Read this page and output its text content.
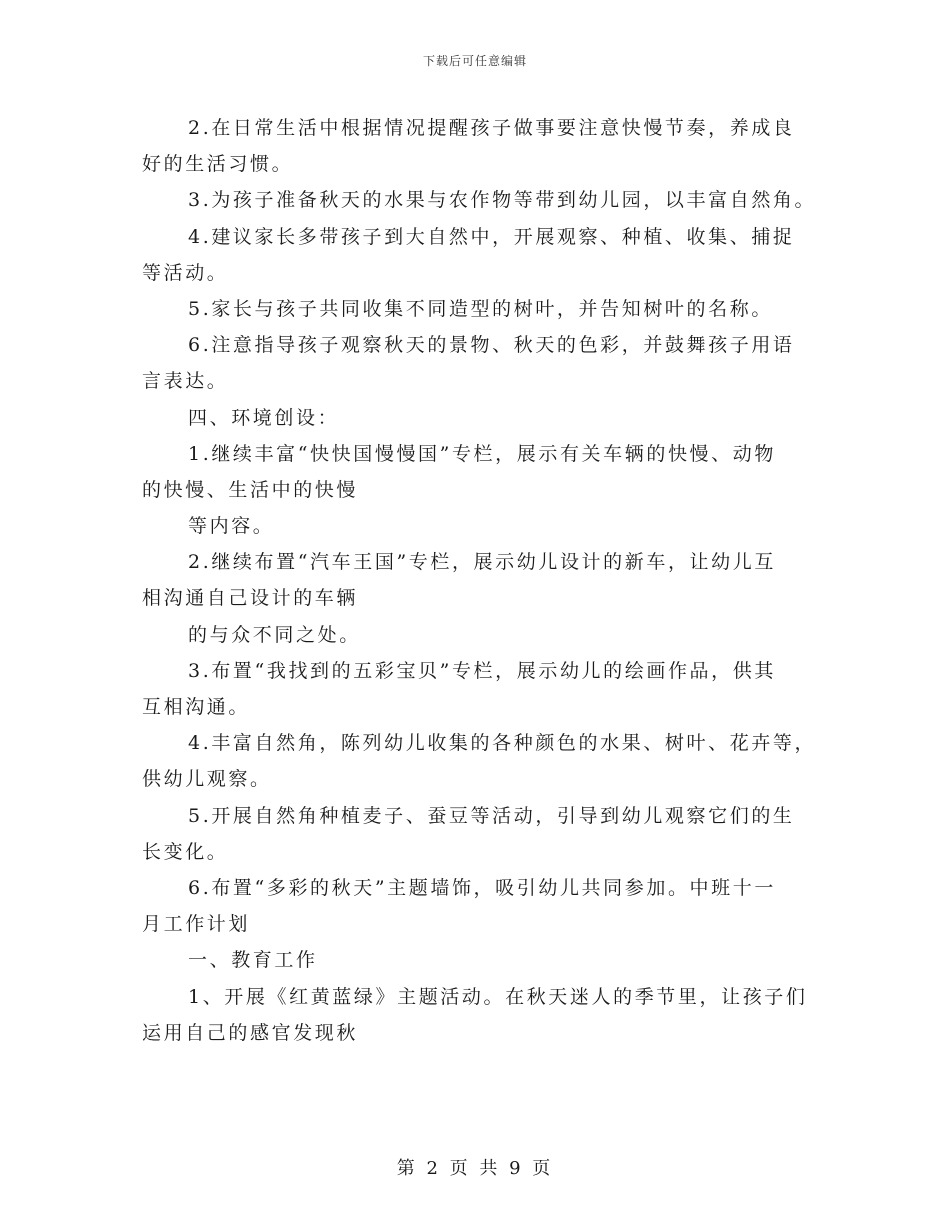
下载后可任意编辑
2.在日常生活中根据情况提醒孩子做事要注意快慢节奏，养成良
好的生活习惯。
3.为孩子准备秋天的水果与农作物等带到幼儿园，以丰富自然角。
4.建议家长多带孩子到大自然中，开展观察、种植、收集、捕捉
等活动。
5.家长与孩子共同收集不同造型的树叶，并告知树叶的名称。
6.注意指导孩子观察秋天的景物、秋天的色彩，并鼓舞孩子用语
言表达。
四、环境创设：
1.继续丰富“快快国慢慢国”专栏，展示有关车辆的快慢、动物
的快慢、生活中的快慢
等内容。
2.继续布置“汽车王国”专栏，展示幼儿设计的新车，让幼儿互
相沟通自己设计的车辆
的与众不同之处。
3.布置“我找到的五彩宝贝”专栏，展示幼儿的绘画作品，供其
互相沟通。
4.丰富自然角，陈列幼儿收集的各种颜色的水果、树叶、花卉等，
供幼儿观察。
5.开展自然角种植麦子、蚕豆等活动，引导到幼儿观察它们的生
长变化。
6.布置“多彩的秋天”主题墙饰，吸引幼儿共同参加。中班十一
月工作计划
一、教育工作
1、开展《红黄蓝绿》主题活动。在秋天迷人的季节里，让孩子们
运用自己的感官发现秋
第 2 页 共 9 页
